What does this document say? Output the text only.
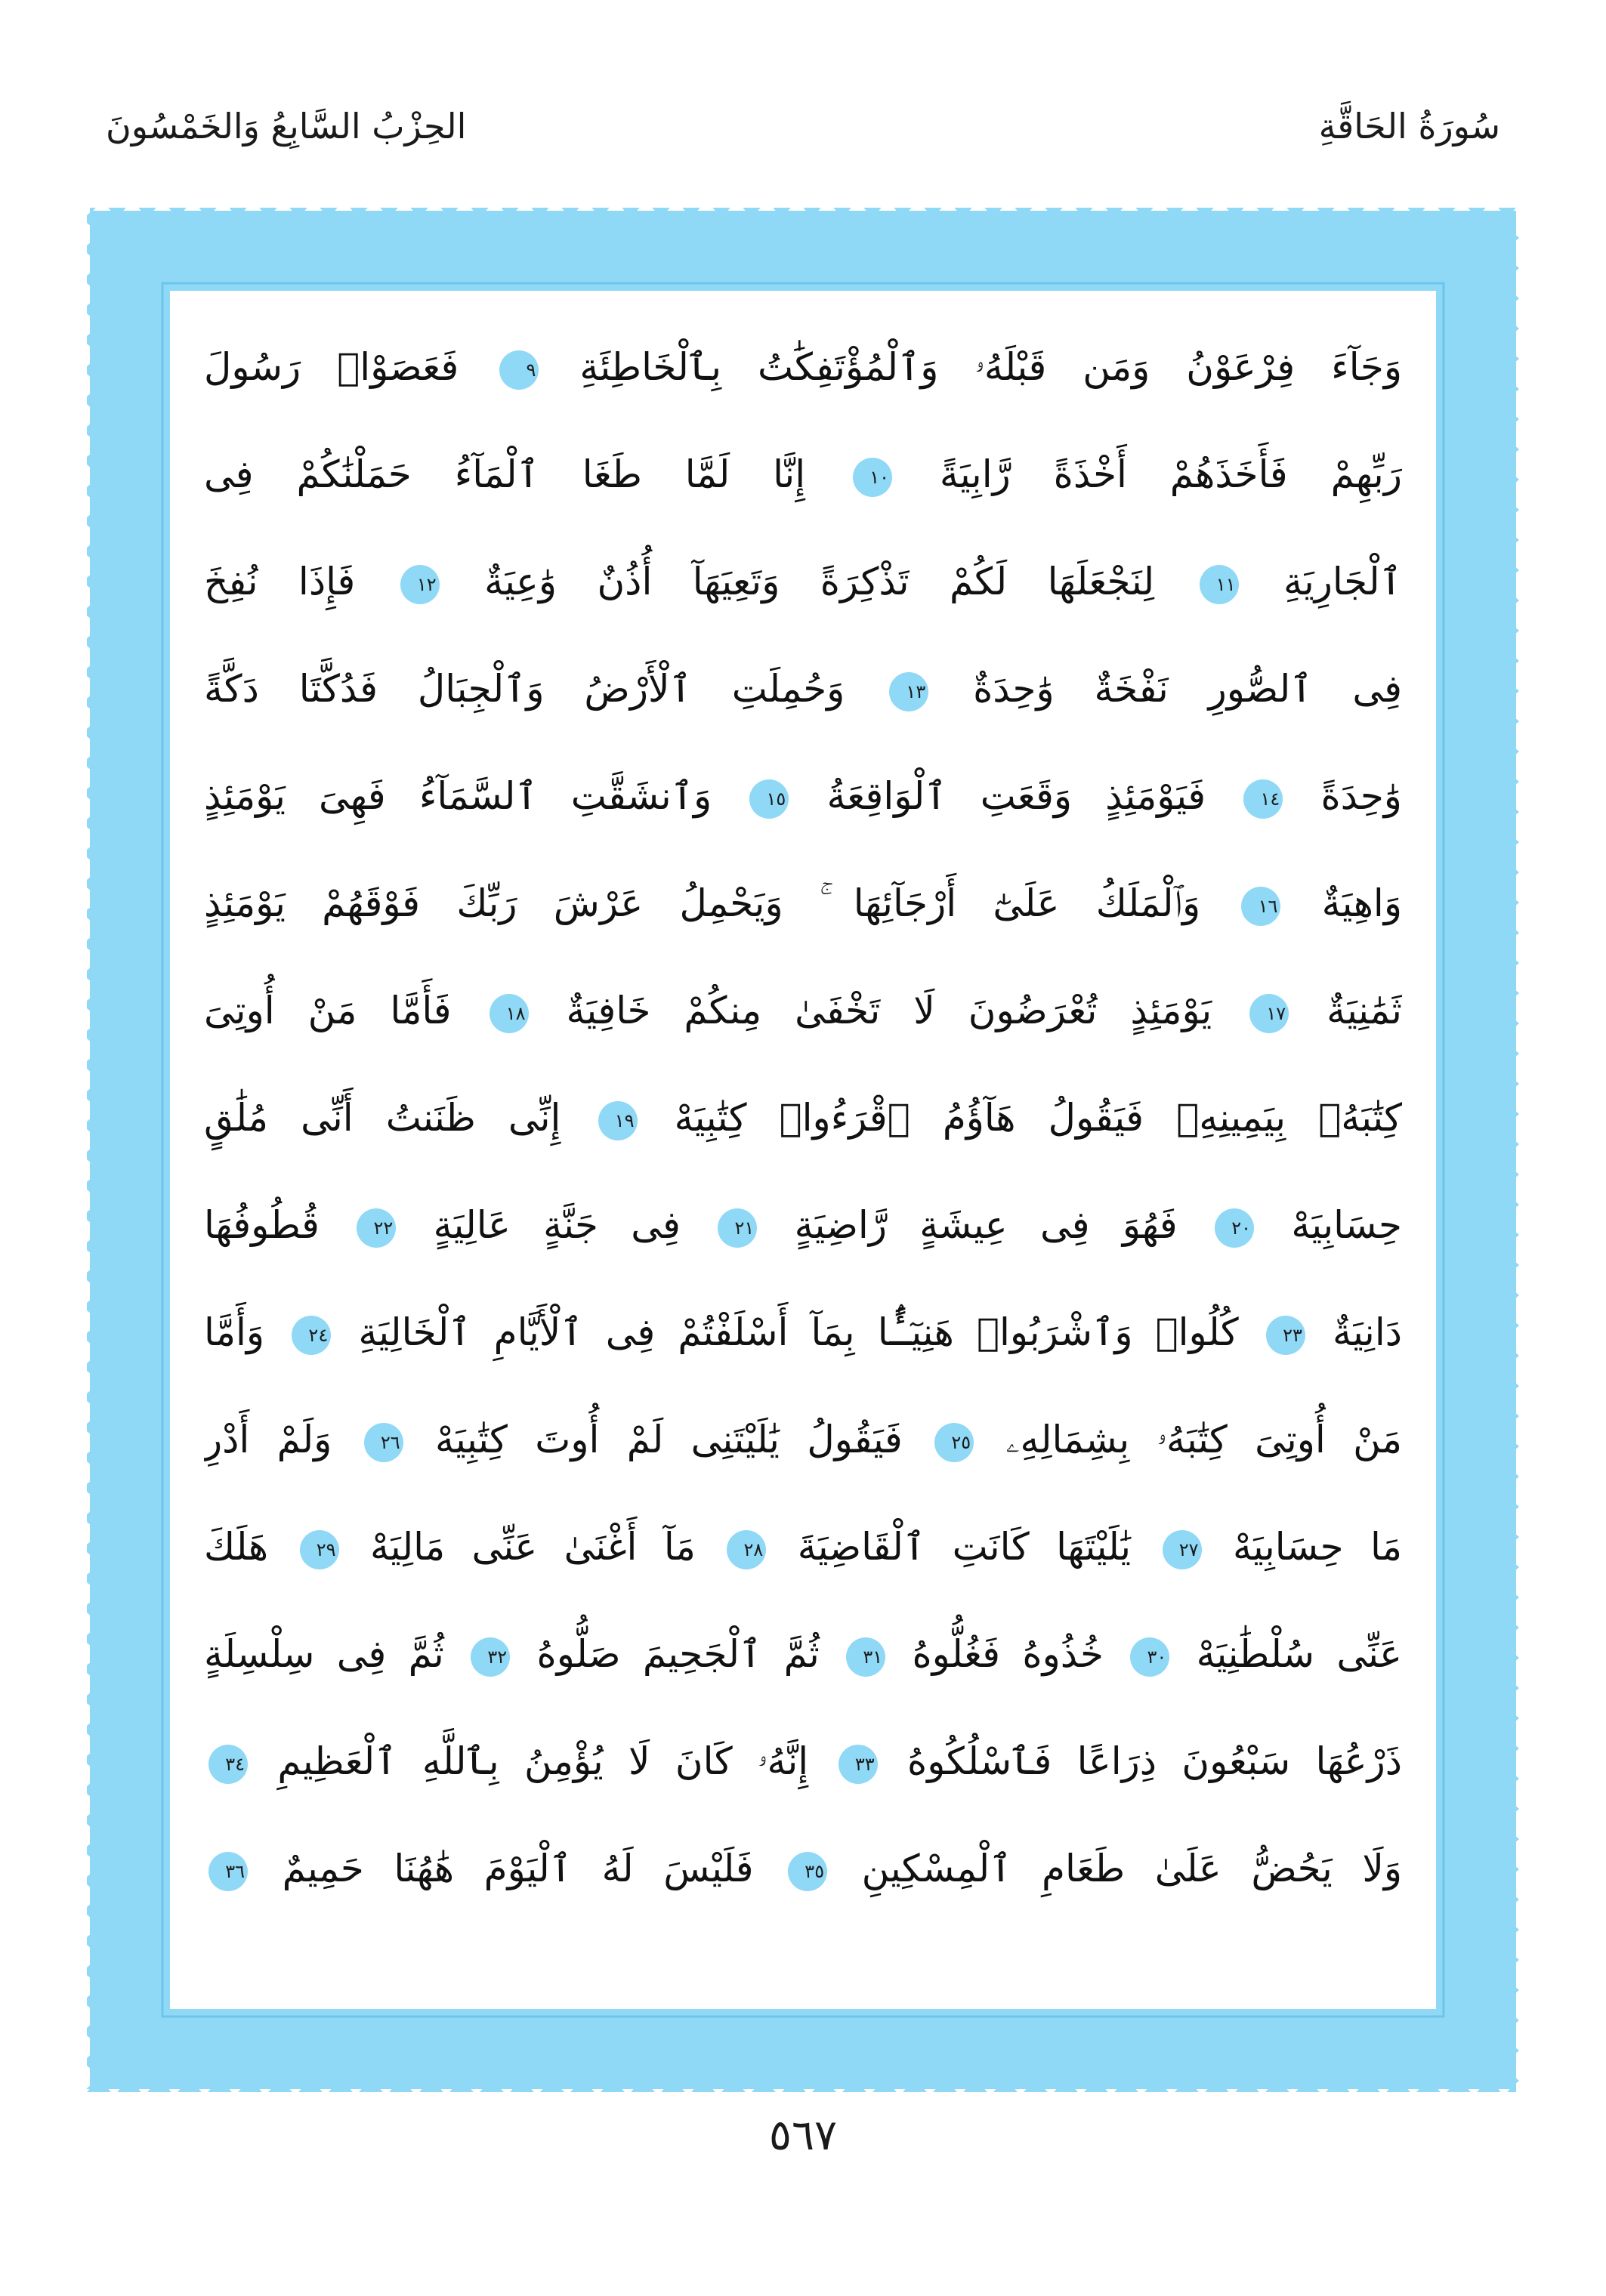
سُورَةُ الحَاقَّةِ
الحِزْبُ السَّابِعُ وَالخَمْسُونَ
وَجَآءَ فِرْعَوْنُ وَمَن قَبْلَهُۥ وَٱلْمُؤْتَفِكَٰتُ بِٱلْخَاطِئَةِ ٩ فَعَصَوْا۟ رَسُولَ
رَبِّهِمْ فَأَخَذَهُمْ أَخْذَةً رَّابِيَةً ١٠ إِنَّا لَمَّا طَغَا ٱلْمَآءُ حَمَلْنَٰكُمْ فِى
ٱلْجَارِيَةِ ١١ لِنَجْعَلَهَا لَكُمْ تَذْكِرَةً وَتَعِيَهَآ أُذُنٌ وَٰعِيَةٌ ١٢ فَإِذَا نُفِخَ
فِى ٱلصُّورِ نَفْخَةٌ وَٰحِدَةٌ ١٣ وَحُمِلَتِ ٱلْأَرْضُ وَٱلْجِبَالُ فَدُكَّتَا دَكَّةً
وَٰحِدَةً ١٤ فَيَوْمَئِذٍ وَقَعَتِ ٱلْوَاقِعَةُ ١٥ وَٱنشَقَّتِ ٱلسَّمَآءُ فَهِىَ يَوْمَئِذٍ
وَاهِيَةٌ ١٦ وَٱلْمَلَكُ عَلَىٰٓ أَرْجَآئِهَا ۚ وَيَحْمِلُ عَرْشَ رَبِّكَ فَوْقَهُمْ يَوْمَئِذٍ
ثَمَٰنِيَةٌ ١٧ يَوْمَئِذٍ تُعْرَضُونَ لَا تَخْفَىٰ مِنكُمْ خَافِيَةٌ ١٨ فَأَمَّا مَنْ أُوتِىَ
كِتَٰبَهُۥ بِيَمِينِهِۦ فَيَقُولُ هَآؤُمُ ٱقْرَءُوا۟ كِتَٰبِيَهْ ١٩ إِنِّى ظَنَنتُ أَنِّى مُلَٰقٍ
حِسَابِيَهْ ٢٠ فَهُوَ فِى عِيشَةٍ رَّاضِيَةٍ ٢١ فِى جَنَّةٍ عَالِيَةٍ ٢٢ قُطُوفُهَا
دَانِيَةٌ ٢٣ كُلُوا۟ وَٱشْرَبُوا۟ هَنِيٓـًٔۢا بِمَآ أَسْلَفْتُمْ فِى ٱلْأَيَّامِ ٱلْخَالِيَةِ ٢٤ وَأَمَّا
مَنْ أُوتِىَ كِتَٰبَهُۥ بِشِمَالِهِۦ ٢٥ فَيَقُولُ يَٰلَيْتَنِى لَمْ أُوتَ كِتَٰبِيَهْ ٢٦ وَلَمْ أَدْرِ
مَا حِسَابِيَهْ ٢٧ يَٰلَيْتَهَا كَانَتِ ٱلْقَاضِيَةَ ٢٨ مَآ أَغْنَىٰ عَنِّى مَالِيَهْ ٢٩ هَلَكَ
عَنِّى سُلْطَٰنِيَهْ ٣٠ خُذُوهُ فَغُلُّوهُ ٣١ ثُمَّ ٱلْجَحِيمَ صَلُّوهُ ٣٢ ثُمَّ فِى سِلْسِلَةٍ
ذَرْعُهَا سَبْعُونَ ذِرَاعًا فَٱسْلُكُوهُ ٣٣ إِنَّهُۥ كَانَ لَا يُؤْمِنُ بِٱللَّهِ ٱلْعَظِيمِ ٣٤
وَلَا يَحُضُّ عَلَىٰ طَعَامِ ٱلْمِسْكِينِ ٣٥ فَلَيْسَ لَهُ ٱلْيَوْمَ هَٰهُنَا حَمِيمٌ ٣٦
٥٦٧
